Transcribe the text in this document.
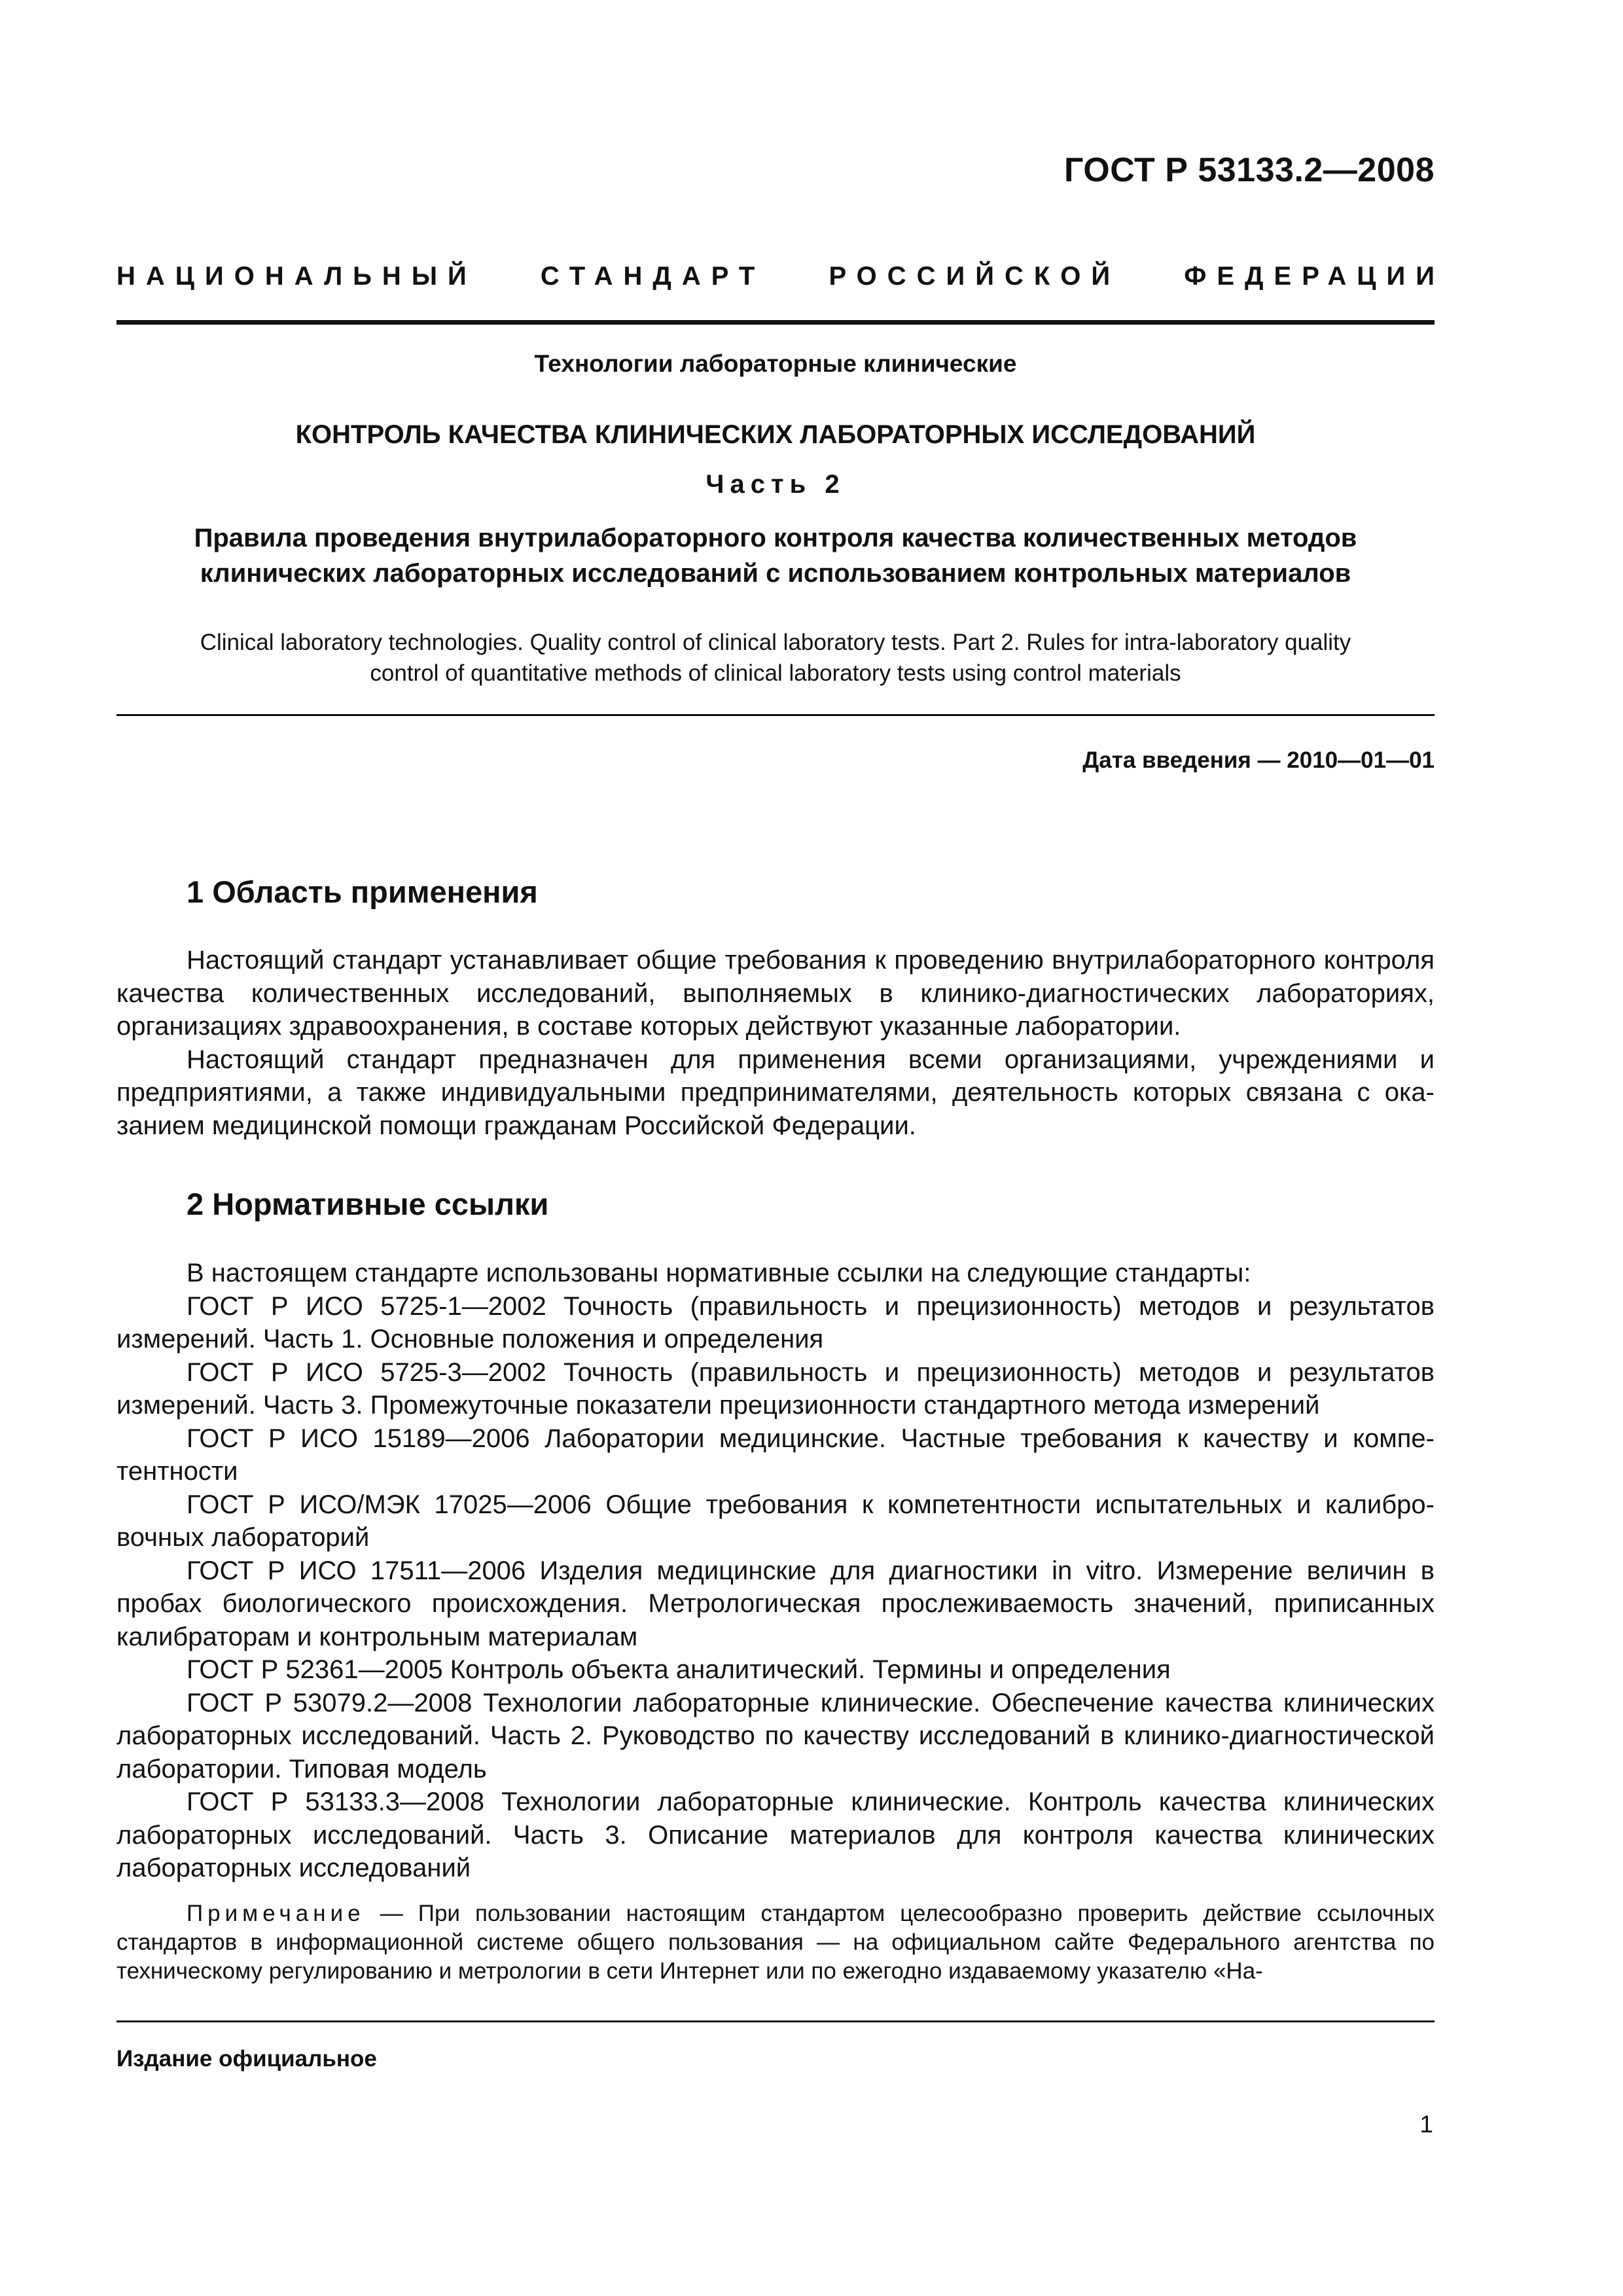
ГОСТ Р 53133.2—2008
НАЦИОНАЛЬНЫЙ СТАНДАРТ РОССИЙСКОЙ ФЕДЕРАЦИИ
Технологии лабораторные клинические
КОНТРОЛЬ КАЧЕСТВА КЛИНИЧЕСКИХ ЛАБОРАТОРНЫХ ИССЛЕДОВАНИЙ
Часть 2
Правила проведения внутрилабораторного контроля качества количественных методов
клинических лабораторных исследований с использованием контрольных материалов
Clinical laboratory technologies. Quality control of clinical laboratory tests. Part 2. Rules for intra-laboratory quality
control of quantitative methods of clinical laboratory tests using control materials
Дата введения — 2010—01—01
1 Область применения

Настоящий стандарт устанавливает общие требования к проведению внутрилабораторного контроля качества количественных исследований, выполняемых в клинико-диагностических лабораториях, организациях здравоохранения, в составе которых действуют указанные лаборатории.

Настоящий стандарт предназначен для применения всеми организациями, учреждениями и предприятиями, а также индивидуальными предпринимателями, деятельность которых связана с оказанием медицинской помощи гражданам Российской Федерации.

2 Нормативные ссылки

В настоящем стандарте использованы нормативные ссылки на следующие стандарты:

ГОСТ Р ИСО 5725-1—2002 Точность (правильность и прецизионность) методов и результатов измерений. Часть 1. Основные положения и определения

ГОСТ Р ИСО 5725-3—2002 Точность (правильность и прецизионность) методов и результатов измерений. Часть 3. Промежуточные показатели прецизионности стандартного метода измерений

ГОСТ Р ИСО 15189—2006 Лаборатории медицинские. Частные требования к качеству и компетентности

ГОСТ Р ИСО/МЭК 17025—2006 Общие требования к компетентности испытательных и калибровочных лабораторий

ГОСТ Р ИСО 17511—2006 Изделия медицинские для диагностики in vitro. Измерение величин в пробах биологического происхождения. Метрологическая прослеживаемость значений, приписанных калибраторам и контрольным материалам

ГОСТ Р 52361—2005 Контроль объекта аналитический. Термины и определения

ГОСТ Р 53079.2—2008 Технологии лабораторные клинические. Обеспечение качества клинических лабораторных исследований. Часть 2. Руководство по качеству исследований в клинико-диагностической лаборатории. Типовая модель

ГОСТ Р 53133.3—2008 Технологии лабораторные клинические. Контроль качества клинических лабораторных исследований. Часть 3. Описание материалов для контроля качества клинических лабораторных исследований

Примечание — При пользовании настоящим стандартом целесообразно проверить действие ссылочных стандартов в информационной системе общего пользования — на официальном сайте Федерального агентства по техническому регулированию и метрологии в сети Интернет или по ежегодно издаваемому указателю «На-
Издание официальное
1
